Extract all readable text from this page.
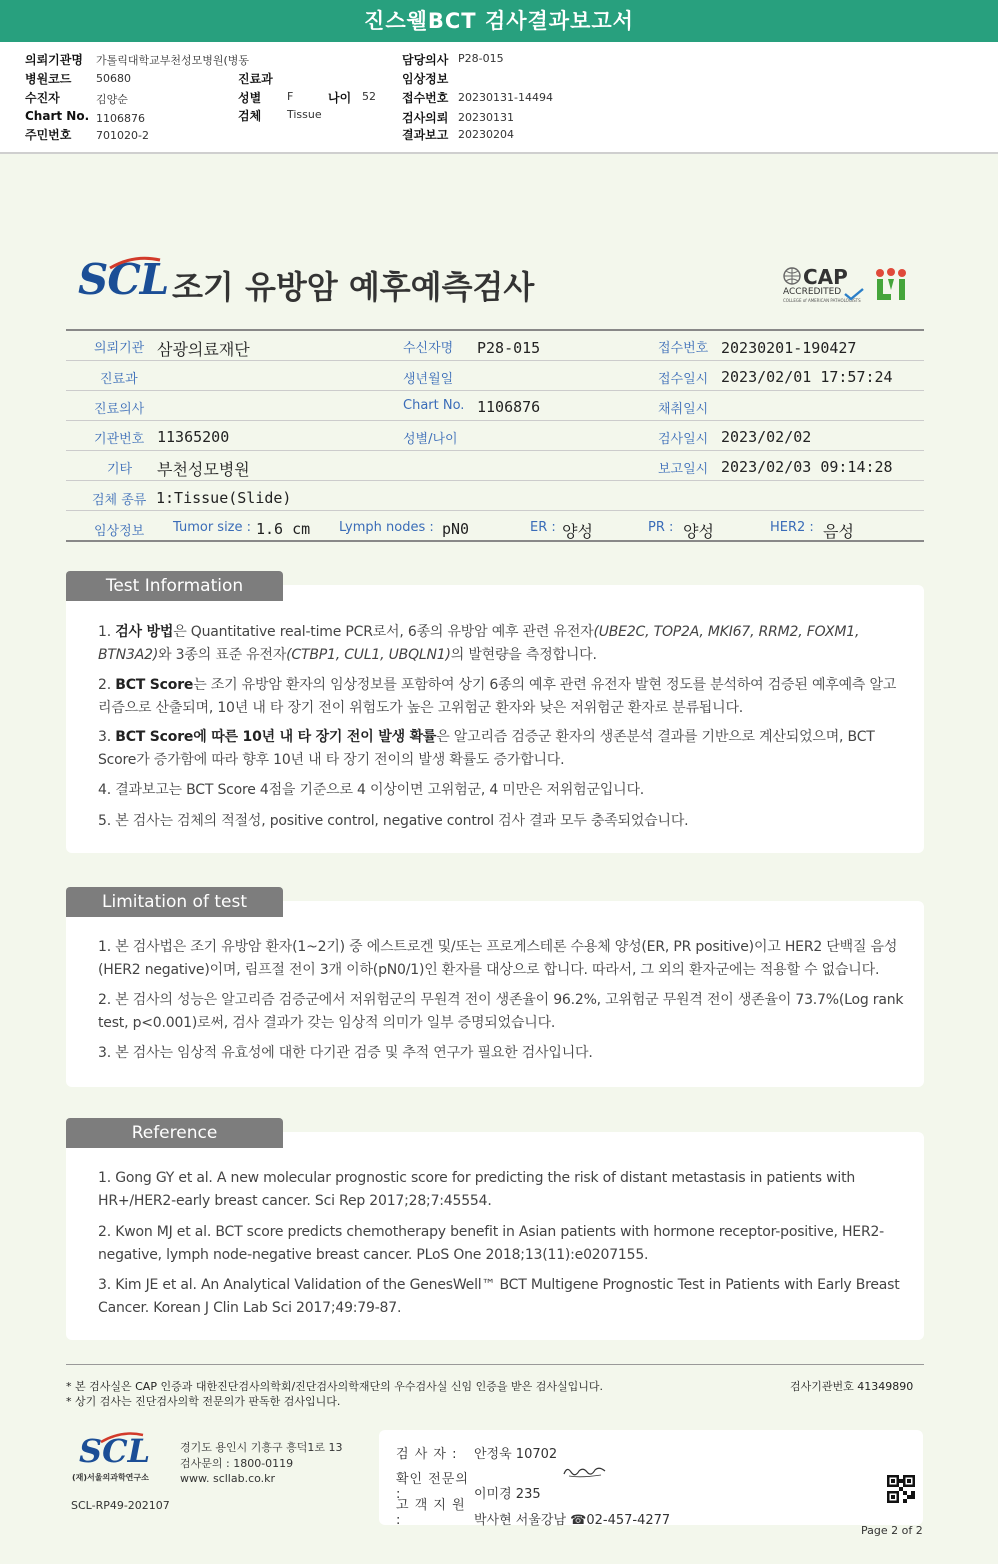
진스웰BCT 검사결과보고서
의뢰기관명 가톨릭대학교부천성모병원(병동
병원코드 50680
수진자	김양순
Chart No. 1106876
주민번호 701020-2
진료과
성별 F	나이 52
검체 Tissue
담당의사 P28-015
임상정보
접수번호 20230131-14494
검사의뢰 20230131
결과보고 20230204
SCL 조기 유방암 예후예측검사	CAP
ACCREDITED
COLLEGE of AMERICAN PATHOLOGISTS
의뢰기관 삼광의료재단	수신자명 P28-015	접수번호 20230201-190427
진료과	생년월일	접수일시 2023/02/01 17:57:24
진료의사	Chart No. 1106876	채취일시
기관번호 11365200	성별/나이	검사일시 2023/02/02
기타 부천성모병원	보고일시 2023/02/03 09:14:28
검체 종류 1:Tissue(Slide)
임상정보 Tumor size : 1.6 cm Lymph nodes : pN0	ER : 양성	PR : 양성	HER2 : 음성
1. 검사 방법은 Quantitative real-time PCR로서, 6종의 유방암 예후 관련 유전자(UBE2C, TOP2A, MKI67, RRM2, FOXM1, BTN3A2)와 3종의 표준 유전자(CTBP1, CUL1, UBQLN1)의 발현량을 측정합니다.
2. BCT Score는 조기 유방암 환자의 임상정보를 포함하여 상기 6종의 예후 관련 유전자 발현 정도를 분석하여 검증된 예후예측 알고리즘으로 산출되며, 10년 내 타 장기 전이 위험도가 높은 고위험군 환자와 낮은 저위험군 환자로 분류됩니다.
3. BCT Score에 따른 10년 내 타 장기 전이 발생 확률은 알고리즘 검증군 환자의 생존분석 결과를 기반으로 계산되었으며, BCT Score가 증가함에 따라 향후 10년 내 타 장기 전이의 발생 확률도 증가합니다.
4. 결과보고는 BCT Score 4점을 기준으로 4 이상이면 고위험군, 4 미만은 저위험군입니다.
5. 본 검사는 검체의 적절성, positive control, negative control 검사 결과 모두 충족되었습니다.
Test Information
1. 본 검사법은 조기 유방암 환자(1~2기) 중 에스트로겐 및/또는 프로게스테론 수용체 양성(ER, PR positive)이고 HER2 단백질 음성(HER2 negative)이며, 림프절 전이 3개 이하(pN0/1)인 환자를 대상으로 합니다. 따라서, 그 외의 환자군에는 적용할 수 없습니다.
2. 본 검사의 성능은 알고리즘 검증군에서 저위험군의 무원격 전이 생존율이 96.2%, 고위험군 무원격 전이 생존율이 73.7%(Log rank test, p<0.001)로써, 검사 결과가 갖는 임상적 의미가 일부 증명되었습니다.
3. 본 검사는 임상적 유효성에 대한 다기관 검증 및 추적 연구가 필요한 검사입니다.
Limitation of test
1. Gong GY et al. A new molecular prognostic score for predicting the risk of distant metastasis in patients with HR+/HER2-early breast cancer. Sci Rep 2017;28;7:45554.
2. Kwon MJ et al. BCT score predicts chemotherapy benefit in Asian patients with hormone receptor-positive, HER2-negative, lymph node-negative breast cancer. PLoS One 2018;13(11):e0207155.
3. Kim JE et al. An Analytical Validation of the GenesWell™ BCT Multigene Prognostic Test in Patients with Early Breast Cancer. Korean J Clin Lab Sci 2017;49:79-87.
Reference
* 본 검사실은 CAP 인증과 대한진단검사의학회/진단검사의학재단의 우수검사실 신임 인증을 받은 검사실입니다.
* 상기 검사는 진단검사의학 전문의가 판독한 검사입니다.
검사기관번호 41349890
SCL
(재)서울의과학연구소
경기도 용인시 기흥구 흥덕1로 13
검사문의 : 1800-0119
www. scllab.co.kr
SCL-RP49-202107
검 사 자 : 안정욱 10702
확인 전문의 :	이미경 235
고 객 지 원 :	박사현 서울강남 ☎02-457-4277
Page 2 of 2
